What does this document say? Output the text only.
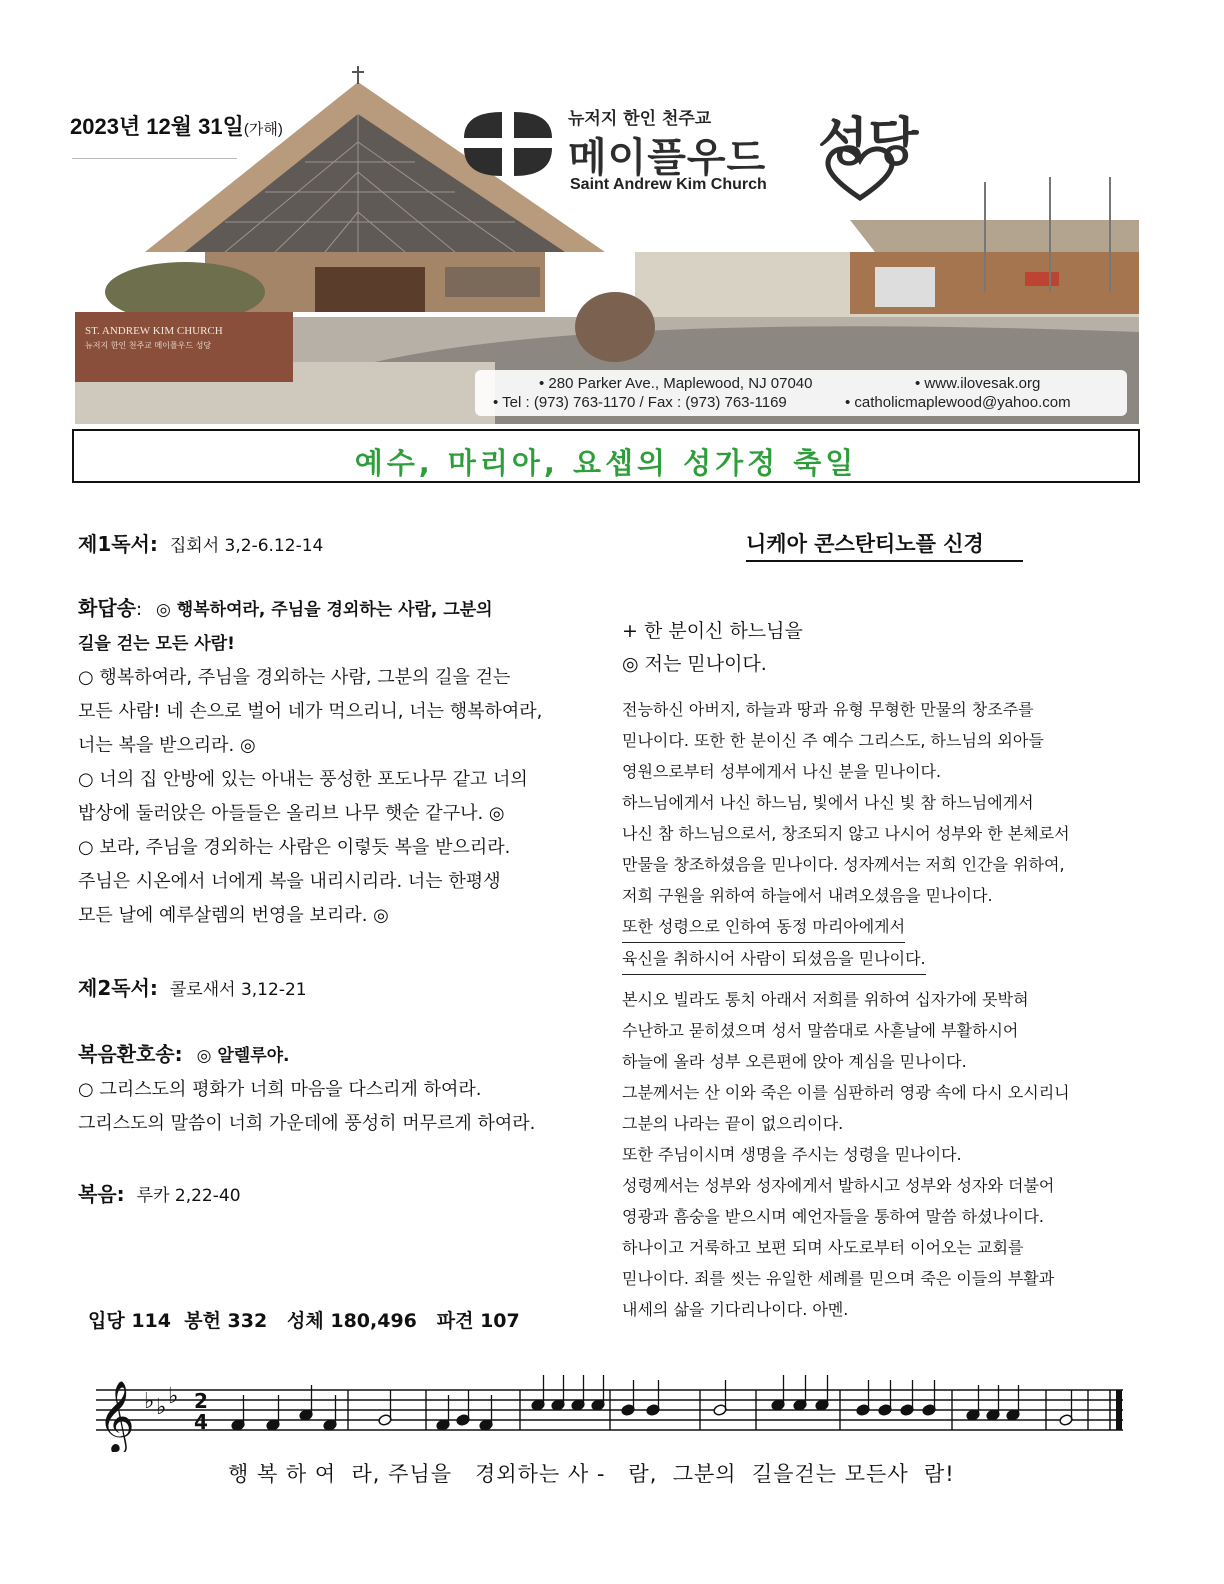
ST. ANDREW KIM CHURCH
뉴저지 한인 천주교 메이플우드 성당
2023년 12월 31일(가해)
뉴저지 한인 천주교
메이플우드 성당
Saint Andrew Kim Church
• 280 Parker Ave., Maplewood, NJ 07040	• www.ilovesak.org
• Tel : (973) 763-1170 / Fax : (973) 763-1169	• catholicmaplewood@yahoo.com
예수, 마리아, 요셉의 성가정 축일
제1독서: 집회서 3,2-6.12-14
화답송: ◎ 행복하여라, 주님을 경외하는 사람, 그분의
길을 걷는 모든 사람!
○ 행복하여라, 주님을 경외하는 사람, 그분의 길을 걷는
모든 사람! 네 손으로 벌어 네가 먹으리니, 너는 행복하여라,
너는 복을 받으리라. ◎
○ 너의 집 안방에 있는 아내는 풍성한 포도나무 같고 너의
밥상에 둘러앉은 아들들은 올리브 나무 햇순 같구나. ◎
○ 보라, 주님을 경외하는 사람은 이렇듯 복을 받으리라.
주님은 시온에서 너에게 복을 내리시리라. 너는 한평생
모든 날에 예루살렘의 번영을 보리라. ◎
제2독서: 콜로새서 3,12-21
복음환호송: ◎ 알렐루야.
○ 그리스도의 평화가 너희 마음을 다스리게 하여라.
그리스도의 말씀이 너희 가운데에 풍성히 머무르게 하여라.
복음: 루카 2,22-40
니케아 콘스탄티노플 신경
+ 한 분이신 하느님을
◎ 저는 믿나이다.
전능하신 아버지, 하늘과 땅과 유형 무형한 만물의 창조주를
믿나이다. 또한 한 분이신 주 예수 그리스도, 하느님의 외아들
영원으로부터 성부에게서 나신 분을 믿나이다.
하느님에게서 나신 하느님, 빛에서 나신 빛 참 하느님에게서
나신 참 하느님으로서, 창조되지 않고 나시어 성부와 한 본체로서
만물을 창조하셨음을 믿나이다. 성자께서는 저희 인간을 위하여,
저희 구원을 위하여 하늘에서 내려오셨음을 믿나이다.
또한 성령으로 인하여 동정 마리아에게서
육신을 취하시어 사람이 되셨음을 믿나이다.
본시오 빌라도 통치 아래서 저희를 위하여 십자가에 못박혀
수난하고 묻히셨으며 성서 말씀대로 사흗날에 부활하시어
하늘에 올라 성부 오른편에 앉아 계심을 믿나이다.
그분께서는 산 이와 죽은 이를 심판하러 영광 속에 다시 오시리니
그분의 나라는 끝이 없으리이다.
또한 주님이시며 생명을 주시는 성령을 믿나이다.
성령께서는 성부와 성자에게서 발하시고 성부와 성자와 더불어
영광과 흠숭을 받으시며 예언자들을 통하여 말씀 하셨나이다.
하나이고 거룩하고 보편 되며 사도로부터 이어오는 교회를
믿나이다. 죄를 씻는 유일한 세례를 믿으며 죽은 이들의 부활과
내세의 삶을 기다리나이다. 아멘.
입당 114  봉헌 332   성체 180,496   파견 107
𝄞 ♭ ♭ ♭ 2
4
행 복 하 여  라, 주님을   경외하는 사 -   람,  그분의  길을걷는 모든사  람!
